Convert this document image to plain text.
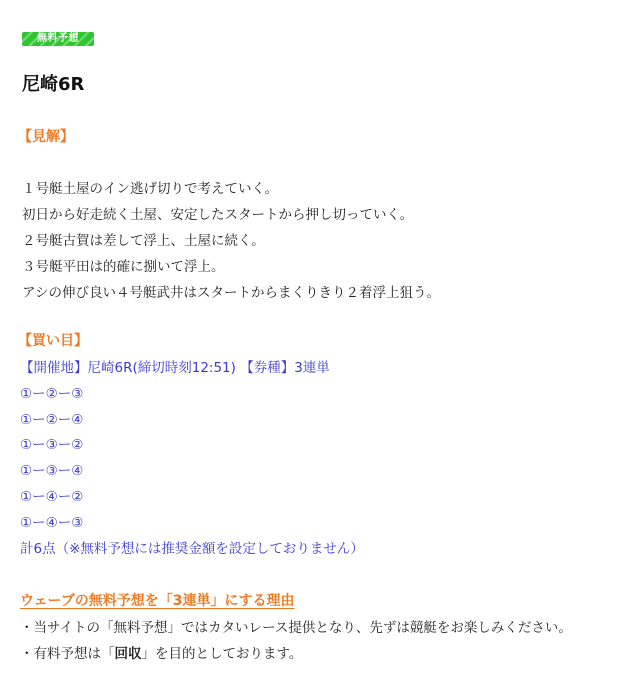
無料予想
尼崎6R
【見解】
１号艇土屋のイン逃げ切りで考えていく。
初日から好走続く土屋、安定したスタートから押し切っていく。
２号艇古賀は差して浮上、土屋に続く。
３号艇平田は的確に捌いて浮上。
アシの伸び良い４号艇武井はスタートからまくりきり２着浮上狙う。
【買い目】
【開催地】尼崎6R(締切時刻12:51) 【券種】3連単
①ー②ー③
①ー②ー④
①ー③ー②
①ー③ー④
①ー④ー②
①ー④ー③
計6点（※無料予想には推奨金額を設定しておりません）
ウェーブの無料予想を「3連単」にする理由
・当サイトの「無料予想」ではカタいレース提供となり、先ずは競艇をお楽しみください。
・有料予想は「回収」を目的としております。
